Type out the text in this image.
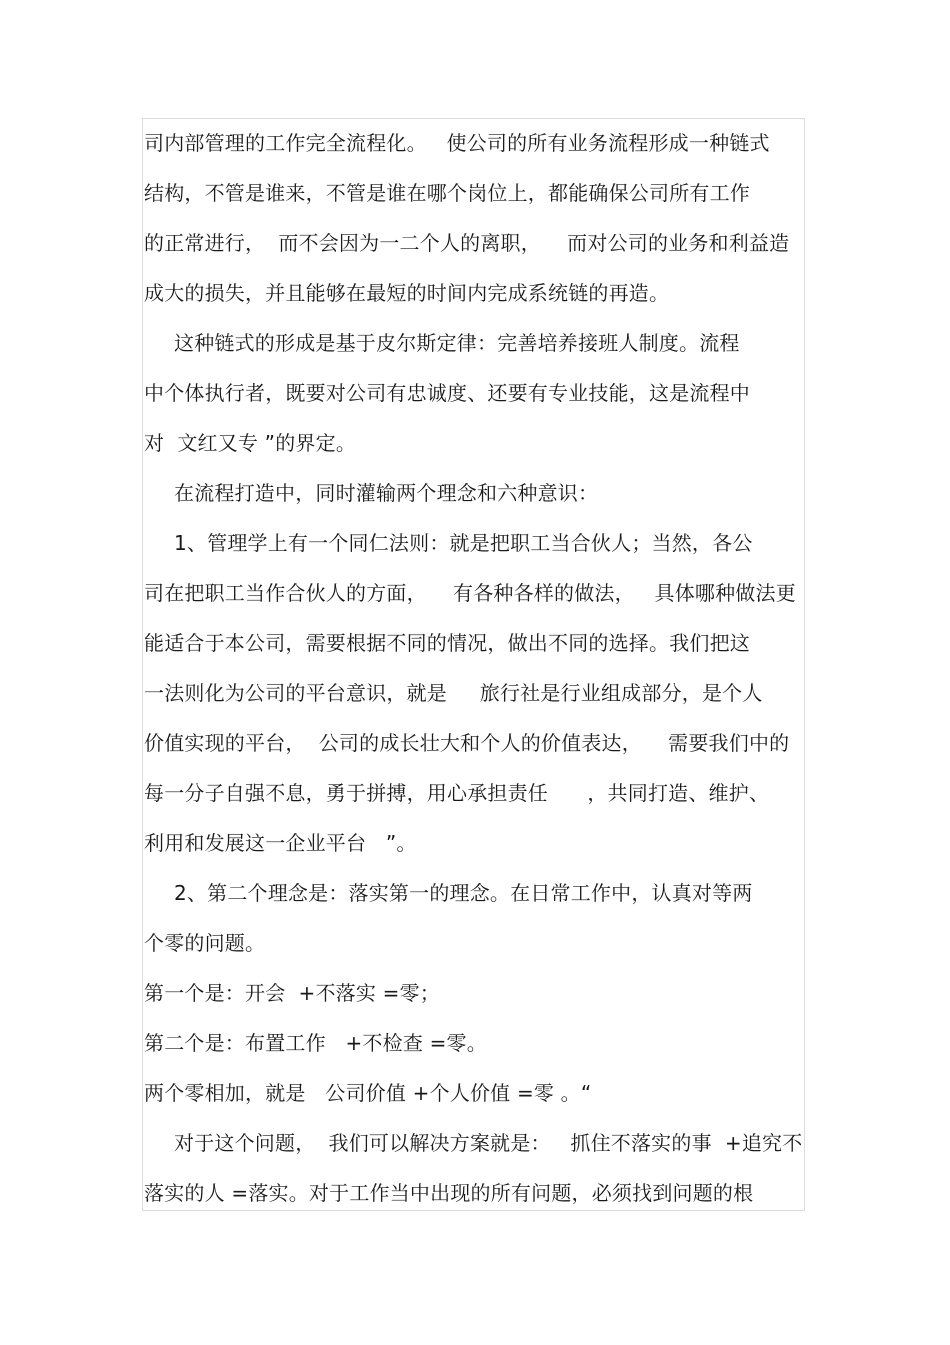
司内部管理的工作完全流程化。   使公司的所有业务流程形成一种链式
结构，不管是谁来，不管是谁在哪个岗位上，都能确保公司所有工作
的正常进行，  而不会因为一二个人的离职，    而对公司的业务和利益造
成大的损失，并且能够在最短的时间内完成系统链的再造。
这种链式的形成是基于皮尔斯定律：完善培养接班人制度。流程
中个体执行者，既要对公司有忠诚度、还要有专业技能，这是流程中
对  文红又专 ”的界定。
在流程打造中，同时灌输两个理念和六种意识：
1、管理学上有一个同仁法则：就是把职工当合伙人；当然，各公
司在把职工当作合伙人的方面，    有各种各样的做法，   具体哪种做法更
能适合于本公司，需要根据不同的情况，做出不同的选择。我们把这
一法则化为公司的平台意识，就是     旅行社是行业组成部分，是个人
价值实现的平台，  公司的成长壮大和个人的价值表达，    需要我们中的
每一分子自强不息，勇于拼搏，用心承担责任      ，共同打造、维护、
利用和发展这一企业平台   ”。
2、第二个理念是：落实第一的理念。在日常工作中，认真对等两
个零的问题。
第一个是：开会  +不落实 =零；
第二个是：布置工作   +不检查 =零。
两个零相加，就是   公司价值 +个人价值 =零 。“
对于这个问题，  我们可以解决方案就是：   抓住不落实的事  +追究不
落实的人 =落实。对于工作当中出现的所有问题，必须找到问题的根
